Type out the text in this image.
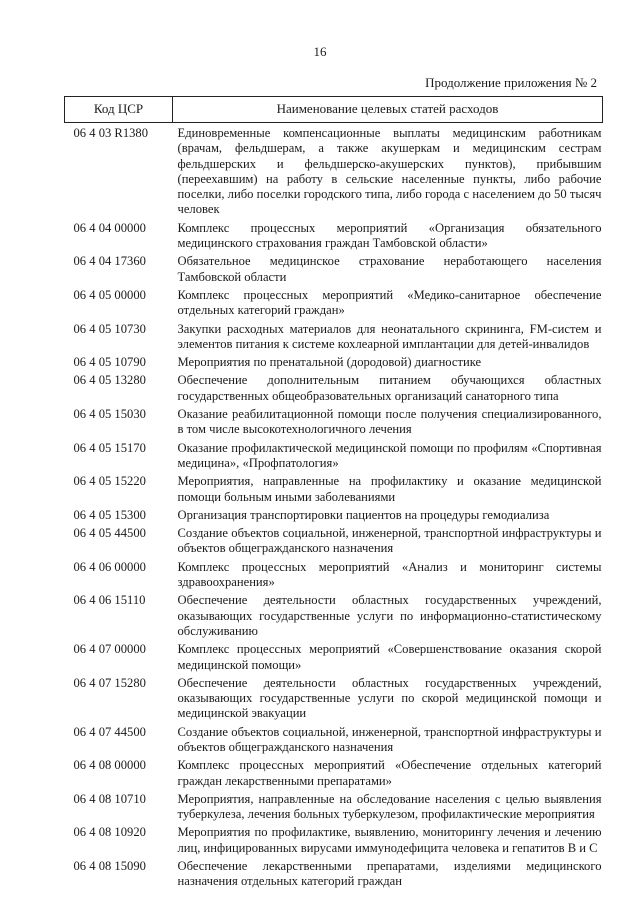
16
Продолжение приложения № 2
Код ЦСР	Наименование целевых статей расходов
06 4 03 R1380	Единовременные компенсационные выплаты медицинским работникам (врачам, фельдшерам, а также акушеркам и медицинским сестрам фельдшерских и фельдшерско-акушерских пунктов), прибывшим (переехавшим) на работу в сельские населенные пункты, либо рабочие поселки, либо поселки городского типа, либо города с населением до 50 тысяч человек
06 4 04 00000	Комплекс процессных мероприятий «Организация обязательного медицинского страхования граждан Тамбовской области»
06 4 04 17360	Обязательное медицинское страхование неработающего населения Тамбовской области
06 4 05 00000	Комплекс процессных мероприятий «Медико-санитарное обеспечение отдельных категорий граждан»
06 4 05 10730	Закупки расходных материалов для неонатального скрининга, FM-систем и элементов питания к системе кохлеарной имплантации для детей-инвалидов
06 4 05 10790	Мероприятия по пренатальной (дородовой) диагностике
06 4 05 13280	Обеспечение дополнительным питанием обучающихся областных государственных общеобразовательных организаций санаторного типа
06 4 05 15030	Оказание реабилитационной помощи после получения специализированного, в том числе высокотехнологичного лечения
06 4 05 15170	Оказание профилактической медицинской помощи по профилям «Спортивная медицина», «Профпатология»
06 4 05 15220	Мероприятия, направленные на профилактику и оказание медицинской помощи больным иными заболеваниями
06 4 05 15300	Организация транспортировки пациентов на процедуры гемодиализа
06 4 05 44500	Создание объектов социальной, инженерной, транспортной инфраструктуры и объектов общегражданского назначения
06 4 06 00000	Комплекс процессных мероприятий «Анализ и мониторинг системы здравоохранения»
06 4 06 15110	Обеспечение деятельности областных государственных учреждений, оказывающих государственные услуги по информационно-статистическому обслуживанию
06 4 07 00000	Комплекс процессных мероприятий «Совершенствование оказания скорой медицинской помощи»
06 4 07 15280	Обеспечение деятельности областных государственных учреждений, оказывающих государственные услуги по скорой медицинской помощи и медицинской эвакуации
06 4 07 44500	Создание объектов социальной, инженерной, транспортной инфраструктуры и объектов общегражданского назначения
06 4 08 00000	Комплекс процессных мероприятий «Обеспечение отдельных категорий граждан лекарственными препаратами»
06 4 08 10710	Мероприятия, направленные на обследование населения с целью выявления туберкулеза, лечения больных туберкулезом, профилактические мероприятия
06 4 08 10920	Мероприятия по профилактике, выявлению, мониторингу лечения и лечению лиц, инфицированных вирусами иммунодефицита человека и гепатитов В и С
06 4 08 15090	Обеспечение лекарственными препаратами, изделиями медицинского назначения отдельных категорий граждан
